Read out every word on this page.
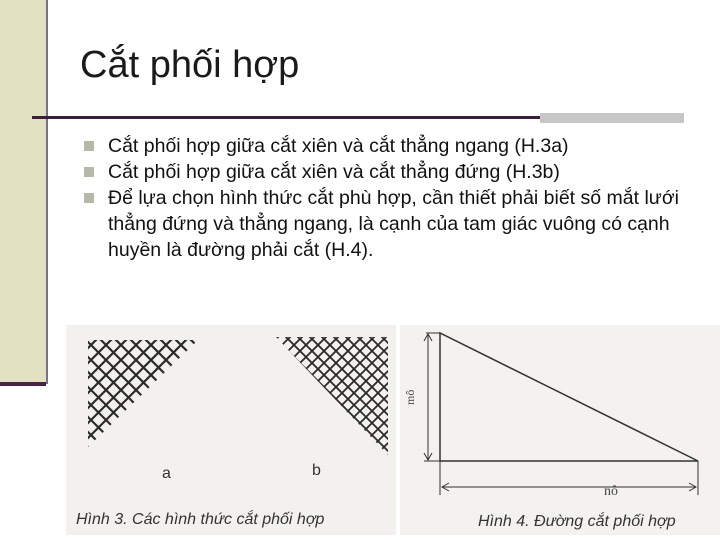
Cắt phối hợp
Cắt phối hợp giữa cắt xiên và cắt thẳng ngang (H.3a)
Cắt phối hợp giữa cắt xiên và cắt thẳng đứng (H.3b)
Để lựa chọn hình thức cắt phù hợp, cần thiết phải biết số mắt lưới thẳng đứng và thẳng ngang, là cạnh của tam giác vuông có cạnh huyền là đường phải cắt (H.4).
a	b
Hình 3. Các hình thức cắt phối hợp
mô
nô
Hình 4. Đường cắt phối hợp
